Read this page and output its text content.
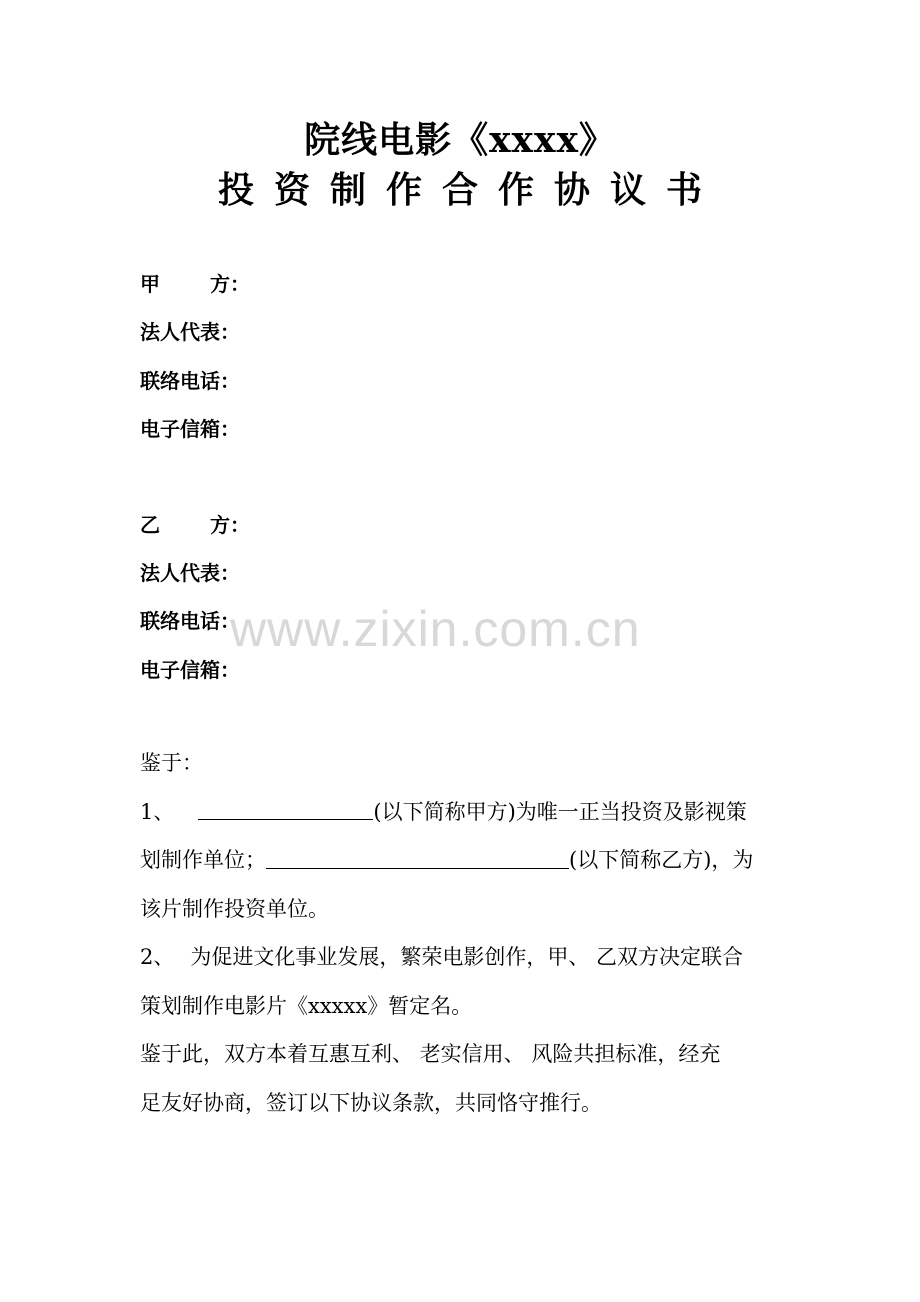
院线电影《xxxx》
投资制作合作协议书
甲方：
法人代表：
联络电话：
电子信箱：
乙方：
法人代表：
联络电话：
电子信箱：
www.zixin.com.cn
鉴于：
1、	(以下简称甲方)为唯一正当投资及影视策
划制作单位；	(以下简称乙方)，为
该片制作投资单位。
2、 为促进文化事业发展，繁荣电影创作，甲、 乙双方决定联合
策划制作电影片《xxxxx》暂定名。
鉴于此，双方本着互惠互利、 老实信用、 风险共担标准，经充
足友好协商，签订以下协议条款，共同恪守推行。
